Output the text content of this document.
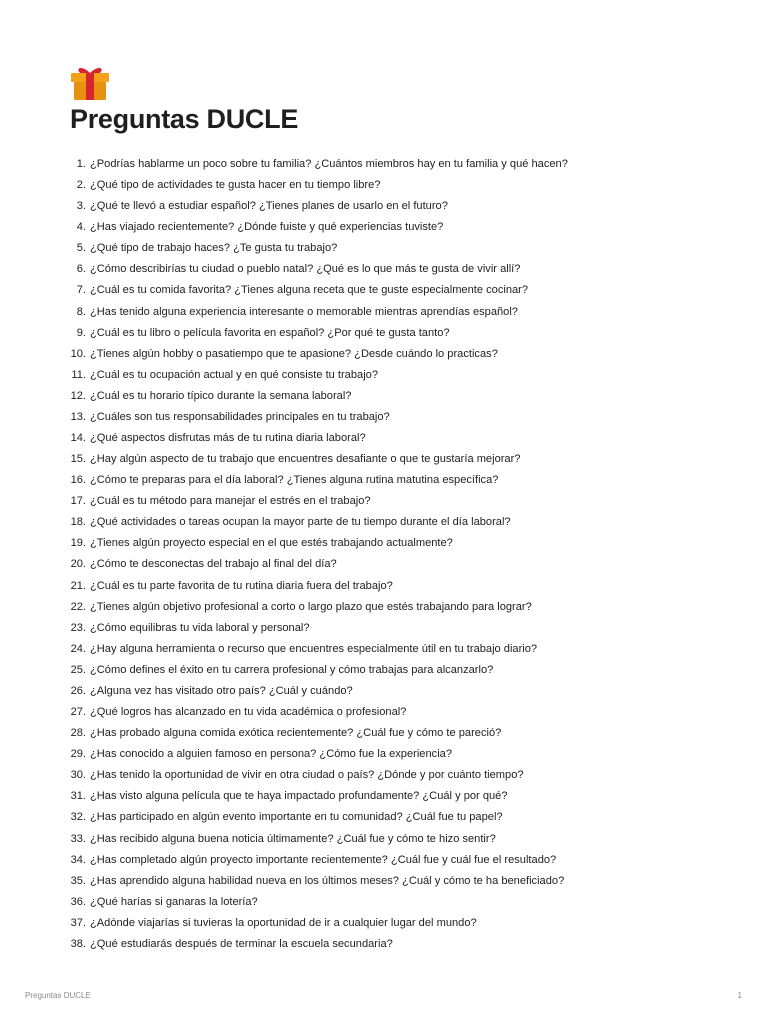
Preguntas DUCLE
1. ¿Podrías hablarme un poco sobre tu familia? ¿Cuántos miembros hay en tu familia y qué hacen?
2. ¿Qué tipo de actividades te gusta hacer en tu tiempo libre?
3. ¿Qué te llevó a estudiar español? ¿Tienes planes de usarlo en el futuro?
4. ¿Has viajado recientemente? ¿Dónde fuiste y qué experiencias tuviste?
5. ¿Qué tipo de trabajo haces? ¿Te gusta tu trabajo?
6. ¿Cómo describirías tu ciudad o pueblo natal? ¿Qué es lo que más te gusta de vivir allí?
7. ¿Cuál es tu comida favorita? ¿Tienes alguna receta que te guste especialmente cocinar?
8. ¿Has tenido alguna experiencia interesante o memorable mientras aprendías español?
9. ¿Cuál es tu libro o película favorita en español? ¿Por qué te gusta tanto?
10. ¿Tienes algún hobby o pasatiempo que te apasione? ¿Desde cuándo lo practicas?
11. ¿Cuál es tu ocupación actual y en qué consiste tu trabajo?
12. ¿Cuál es tu horario típico durante la semana laboral?
13. ¿Cuáles son tus responsabilidades principales en tu trabajo?
14. ¿Qué aspectos disfrutas más de tu rutina diaria laboral?
15. ¿Hay algún aspecto de tu trabajo que encuentres desafiante o que te gustaría mejorar?
16. ¿Cómo te preparas para el día laboral? ¿Tienes alguna rutina matutina específica?
17. ¿Cuál es tu método para manejar el estrés en el trabajo?
18. ¿Qué actividades o tareas ocupan la mayor parte de tu tiempo durante el día laboral?
19. ¿Tienes algún proyecto especial en el que estés trabajando actualmente?
20. ¿Cómo te desconectas del trabajo al final del día?
21. ¿Cuál es tu parte favorita de tu rutina diaria fuera del trabajo?
22. ¿Tienes algún objetivo profesional a corto o largo plazo que estés trabajando para lograr?
23. ¿Cómo equilibras tu vida laboral y personal?
24. ¿Hay alguna herramienta o recurso que encuentres especialmente útil en tu trabajo diario?
25. ¿Cómo defines el éxito en tu carrera profesional y cómo trabajas para alcanzarlo?
26. ¿Alguna vez has visitado otro país? ¿Cuál y cuándo?
27. ¿Qué logros has alcanzado en tu vida académica o profesional?
28. ¿Has probado alguna comida exótica recientemente? ¿Cuál fue y cómo te pareció?
29. ¿Has conocido a alguien famoso en persona? ¿Cómo fue la experiencia?
30. ¿Has tenido la oportunidad de vivir en otra ciudad o país? ¿Dónde y por cuánto tiempo?
31. ¿Has visto alguna película que te haya impactado profundamente? ¿Cuál y por qué?
32. ¿Has participado en algún evento importante en tu comunidad? ¿Cuál fue tu papel?
33. ¿Has recibido alguna buena noticia últimamente? ¿Cuál fue y cómo te hizo sentir?
34. ¿Has completado algún proyecto importante recientemente? ¿Cuál fue y cuál fue el resultado?
35. ¿Has aprendido alguna habilidad nueva en los últimos meses? ¿Cuál y cómo te ha beneficiado?
36. ¿Qué harías si ganaras la lotería?
37. ¿Adónde viajarías si tuvieras la oportunidad de ir a cualquier lugar del mundo?
38. ¿Qué estudiarás después de terminar la escuela secundaria?
Preguntas DUCLE	1
